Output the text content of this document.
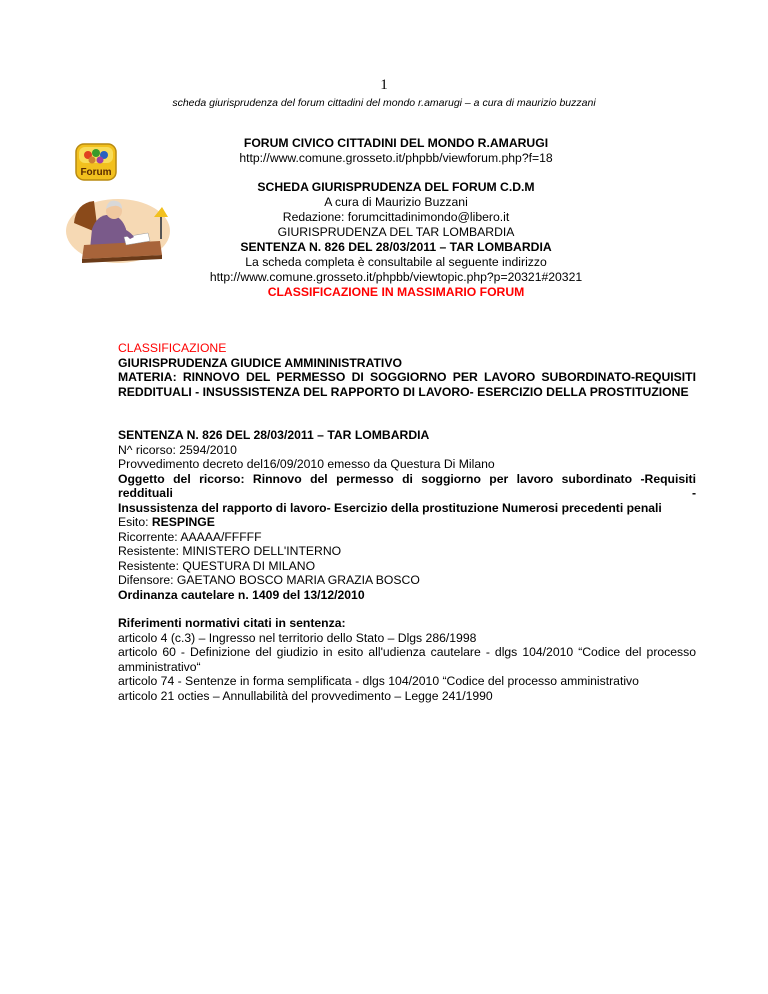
1
scheda giurisprudenza del forum cittadini del mondo r.amarugi – a cura di maurizio buzzani
Forum
FORUM CIVICO CITTADINI DEL MONDO R.AMARUGI
http://www.comune.grosseto.it/phpbb/viewforum.php?f=18
SCHEDA GIURISPRUDENZA DEL FORUM C.D.M
A cura di Maurizio Buzzani
Redazione: forumcittadinimondo@libero.it
GIURISPRUDENZA DEL TAR LOMBARDIA
SENTENZA N. 826 DEL 28/03/2011 – TAR LOMBARDIA
La scheda completa è consultabile al seguente indirizzo
http://www.comune.grosseto.it/phpbb/viewtopic.php?p=20321#20321
CLASSIFICAZIONE IN MASSIMARIO FORUM
CLASSIFICAZIONE
GIURISPRUDENZA GIUDICE AMMININISTRATIVO
MATERIA: RINNOVO DEL PERMESSO DI SOGGIORNO PER LAVORO SUBORDINATO-REQUISITI
REDDITUALI - INSUSSISTENZA DEL RAPPORTO DI LAVORO- ESERCIZIO DELLA PROSTITUZIONE
SENTENZA N. 826 DEL 28/03/2011 – TAR LOMBARDIA
N^ ricorso: 2594/2010
Provvedimento decreto del16/09/2010 emesso da Questura Di Milano
Oggetto del ricorso: Rinnovo del permesso di soggiorno per lavoro subordinato -Requisiti reddituali -
Insussistenza del rapporto di lavoro- Esercizio della prostituzione Numerosi precedenti penali
Esito: RESPINGE
Ricorrente: AAAAA/FFFFF
Resistente: MINISTERO DELL'INTERNO
Resistente: QUESTURA DI MILANO
Difensore: GAETANO BOSCO MARIA GRAZIA BOSCO
Ordinanza cautelare n. 1409 del 13/12/2010
Riferimenti normativi citati in sentenza:
articolo 4 (c.3) – Ingresso nel territorio dello Stato – Dlgs 286/1998
articolo 60 - Definizione del giudizio in esito all'udienza cautelare - dlgs 104/2010 “Codice del processo
amministrativo“
articolo 74 - Sentenze in forma semplificata - dlgs 104/2010 “Codice del processo amministrativo
articolo 21 octies – Annullabilità del provvedimento – Legge 241/1990
